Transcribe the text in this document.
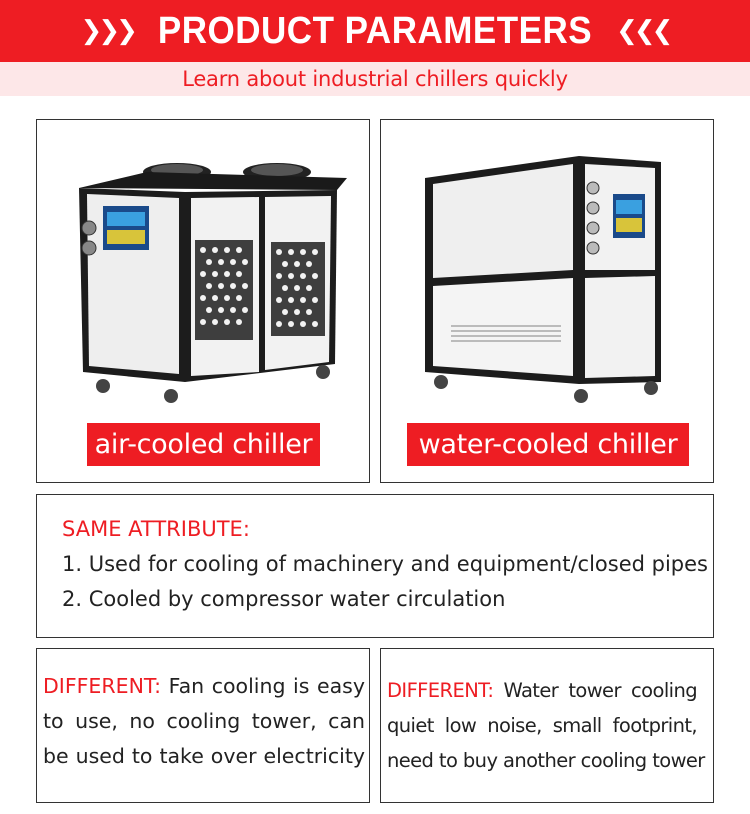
❯❯❯ PRODUCT PARAMETERS ❮❮❮
Learn about industrial chillers quickly
air-cooled chiller	water-cooled chiller
SAME ATTRIBUTE:
1. Used for cooling of machinery and equipment/closed pipes
2. Cooled by compressor water circulation
DIFFERENT: Fan cooling is easy
to use, no cooling tower, can
be used to take over electricity
DIFFERENT: Water tower cooling
quiet low noise, small footprint,
need to buy another cooling tower
